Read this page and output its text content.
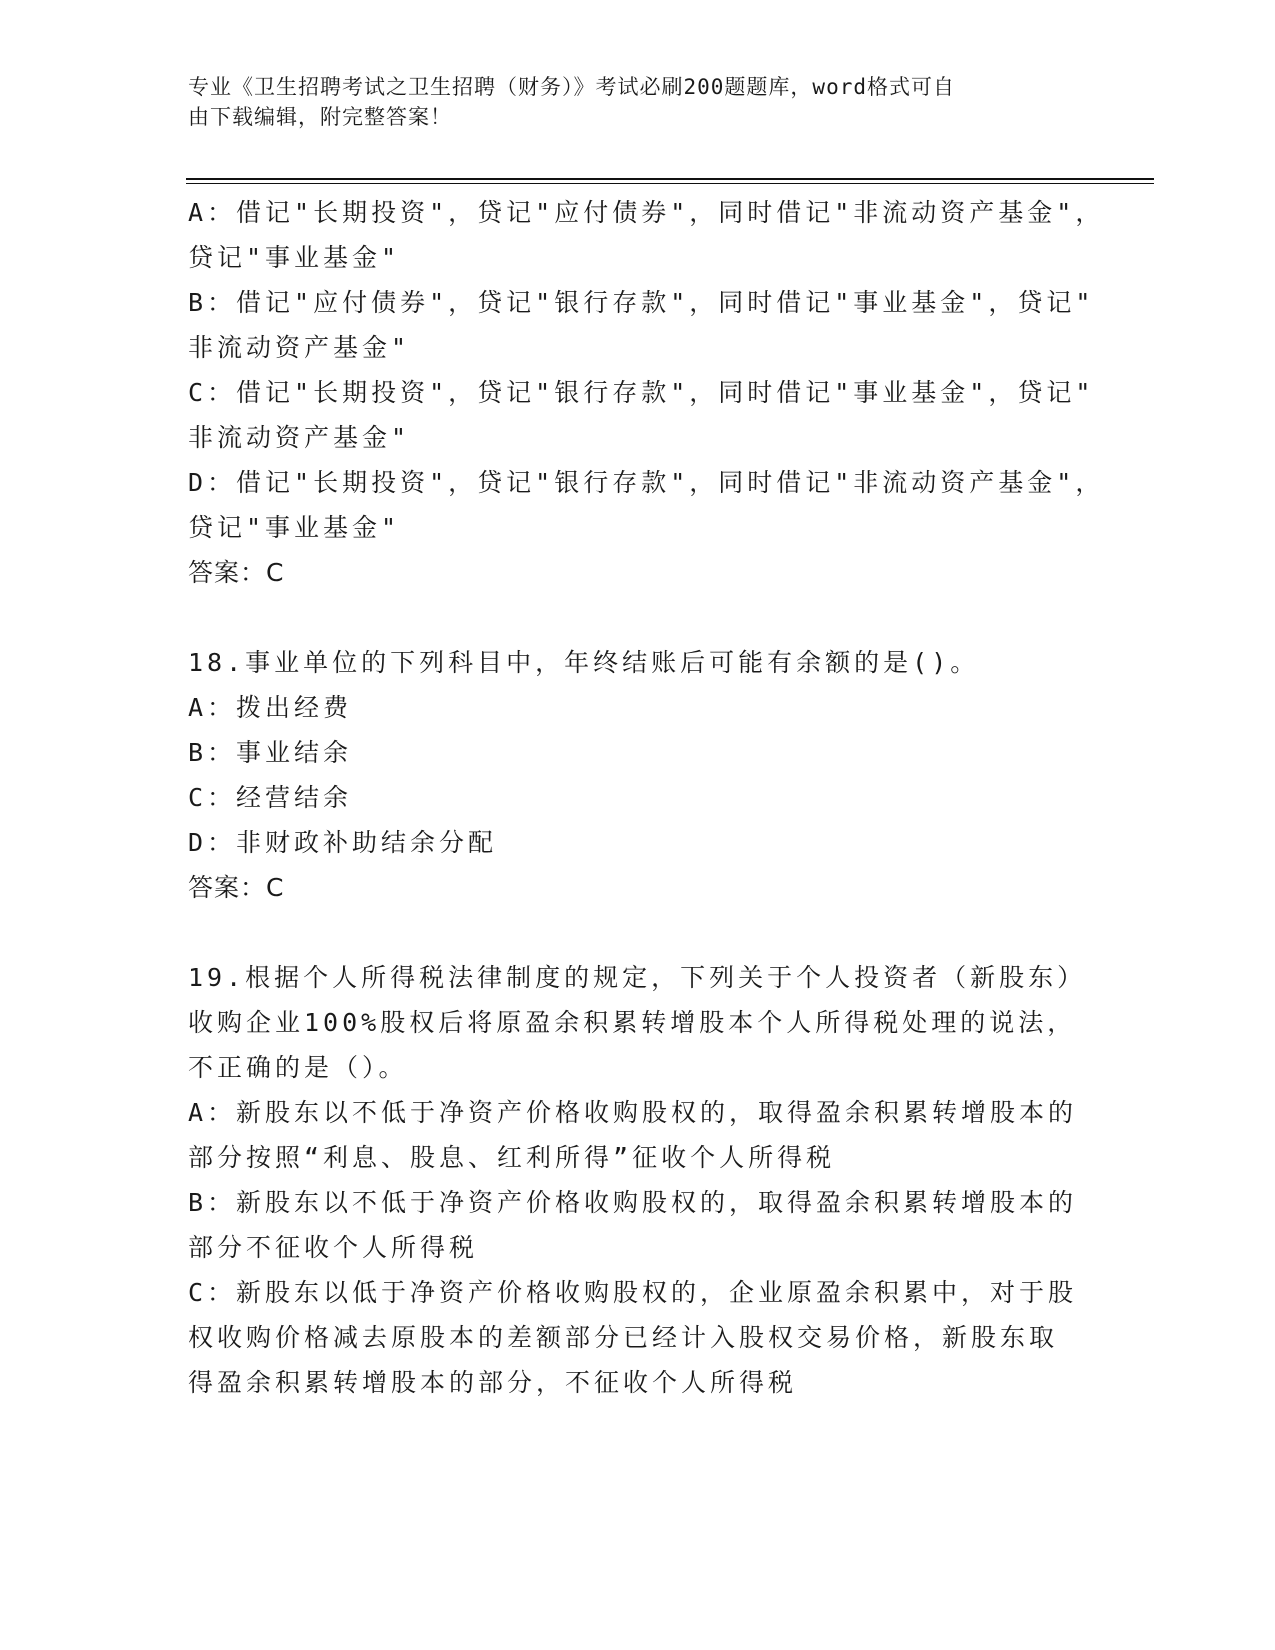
专业《卫生招聘考试之卫生招聘（财务）》考试必刷200题题库，word格式可自
由下载编辑，附完整答案！
A：借记"长期投资"，贷记"应付债券"，同时借记"非流动资产基金"，
贷记"事业基金"
B：借记"应付债券"，贷记"银行存款"，同时借记"事业基金"，贷记"
非流动资产基金"
C：借记"长期投资"，贷记"银行存款"，同时借记"事业基金"，贷记"
非流动资产基金"
D：借记"长期投资"，贷记"银行存款"，同时借记"非流动资产基金"，
贷记"事业基金"
答案：C
18.事业单位的下列科目中，年终结账后可能有余额的是()。
A：拨出经费
B：事业结余
C：经营结余
D：非财政补助结余分配
答案：C
19.根据个人所得税法律制度的规定，下列关于个人投资者（新股东）
收购企业100%股权后将原盈余积累转增股本个人所得税处理的说法，
不正确的是（）。
A：新股东以不低于净资产价格收购股权的，取得盈余积累转增股本的
部分按照“利息、股息、红利所得”征收个人所得税
B：新股东以不低于净资产价格收购股权的，取得盈余积累转增股本的
部分不征收个人所得税
C：新股东以低于净资产价格收购股权的，企业原盈余积累中，对于股
权收购价格减去原股本的差额部分已经计入股权交易价格，新股东取
得盈余积累转增股本的部分，不征收个人所得税
